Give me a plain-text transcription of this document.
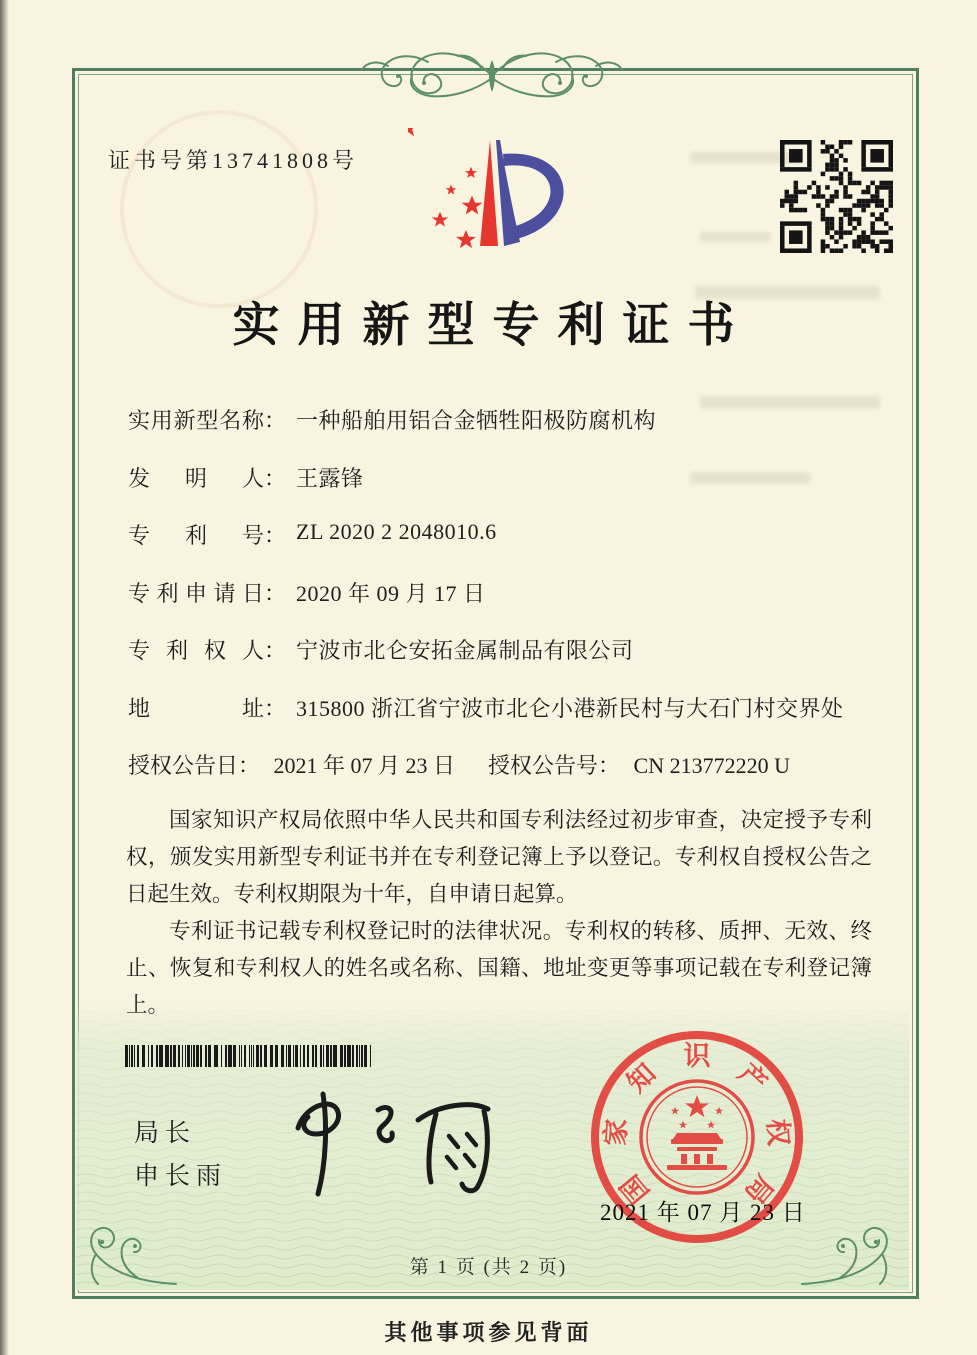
证书号第13741808号
实用新型专利证书
实用新型名称： 一种船舶用铝合金牺牲阳极防腐机构
发明人： 王露锋
专利号： ZL 2020 2 2048010.6
专利申请日： 2020 年 09 月 17 日
专利权人： 宁波市北仑安拓金属制品有限公司
地址： 315800 浙江省宁波市北仑小港新民村与大石门村交界处
授权公告日： 2021 年 07 月 23 日 授权公告号： CN 213772220 U

国家知识产权局依照中华人民共和国专利法经过初步审查，决定授予专利权，颁发实用新型专利证书并在专利登记簿上予以登记。专利权自授权公告之日起生效。专利权期限为十年，自申请日起算。

专利证书记载专利权登记时的法律状况。专利权的转移、质押、无效、终止、恢复和专利权人的姓名或名称、国籍、地址变更等事项记载在专利登记簿上。

局长
申长雨	国
家
知
识
产
权
局
2021 年 07 月 23 日
第 1 页 (共 2 页)
其他事项参见背面
